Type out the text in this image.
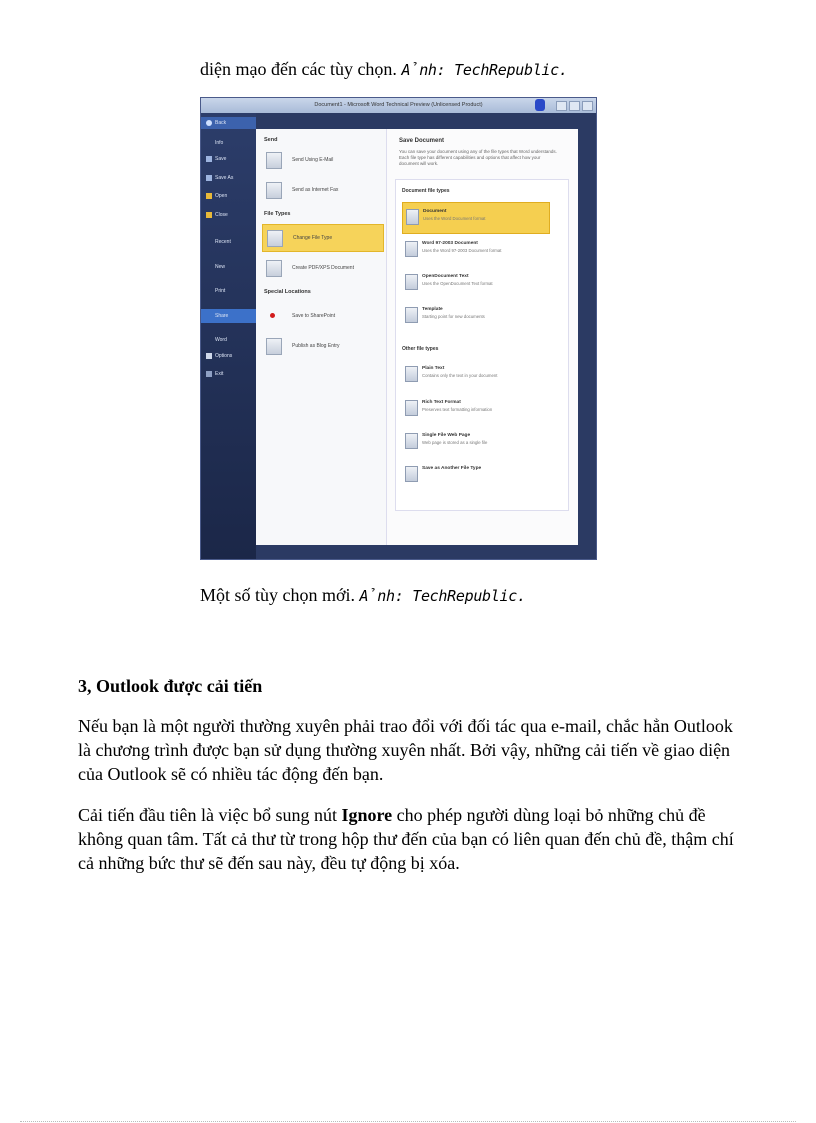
diện mạo đến các tùy chọn. Ảnh: TechRepublic.
Document1 - Microsoft Word Technical Preview (Unlicensed Product)
Back
Info
Save
Save As
Open
Close
Recent
New
Print
Share
Word
Options
Exit
Send
Send Using E-Mail
Send as Internet Fax
File Types
Change File Type
Create PDF/XPS Document
Special Locations
Save to SharePoint
Publish as Blog Entry
Save Document
You can save your document using any of the file types that Word understands. Each file type has different capabilities and options that affect how your document will work.
Document file types
Document
Uses the Word Document format
Word 97-2003 Document
Uses the Word 97-2003 Document format
OpenDocument Text
Uses the OpenDocument Text format
Template
Starting point for new documents
Other file types
Plain Text
Contains only the text in your document
Rich Text Format
Preserves text formatting information
Single File Web Page
Web page is stored as a single file
Save as Another File Type
Một số tùy chọn mới. Ảnh: TechRepublic.
3, Outlook được cải tiến
Nếu bạn là một người thường xuyên phải trao đổi với đối tác qua e-mail, chắc hẳn Outlook là chương trình được bạn sử dụng thường xuyên nhất. Bởi vậy, những cải tiến về giao diện của Outlook sẽ có nhiều tác động đến bạn.
Cải tiến đầu tiên là việc bổ sung nút Ignore cho phép người dùng loại bỏ những chủ đề không quan tâm. Tất cả thư từ trong hộp thư đến của bạn có liên quan đến chủ đề, thậm chí cả những bức thư sẽ đến sau này, đều tự động bị xóa.
